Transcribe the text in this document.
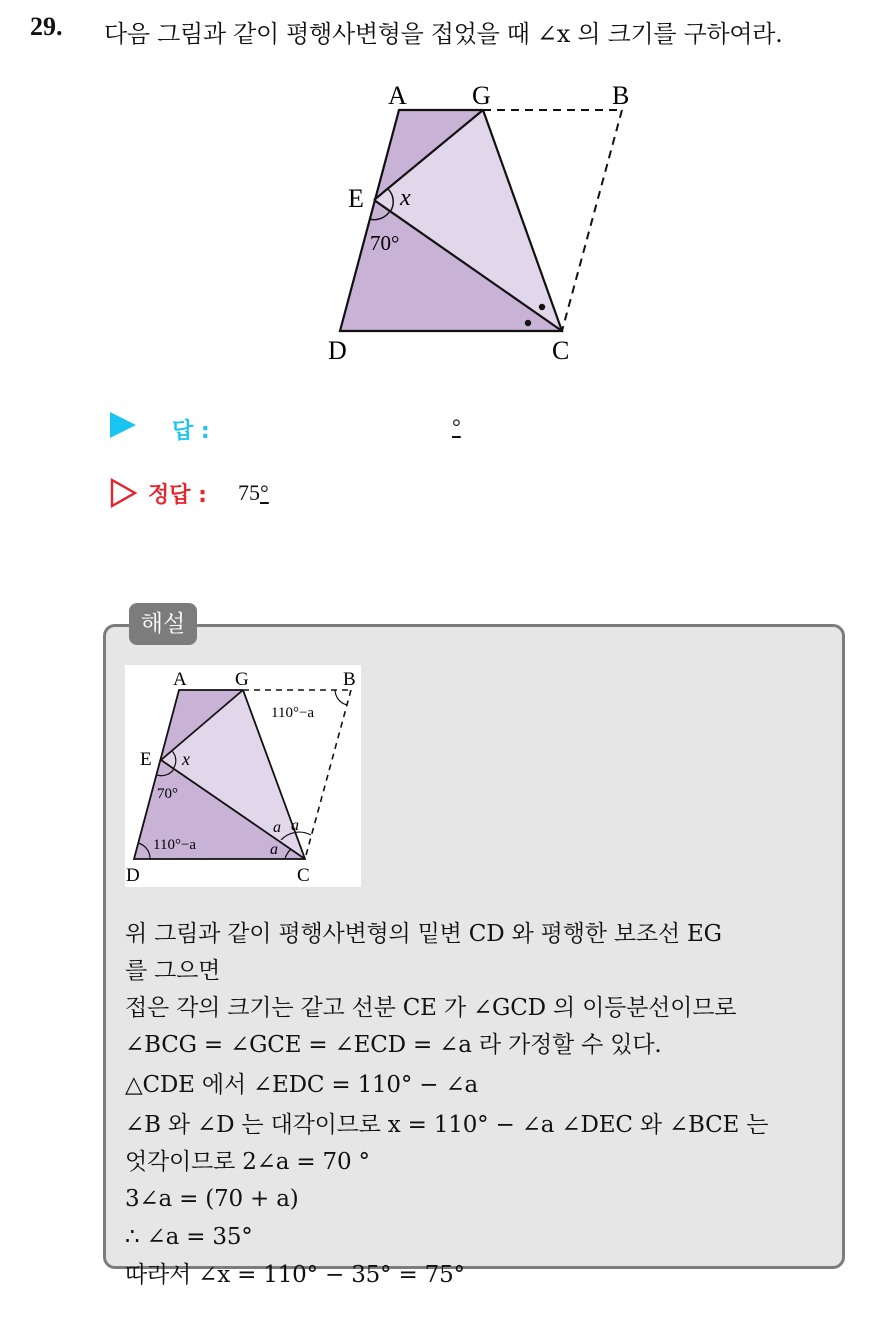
29. 다음 그림과 같이 평행사변형을 접었을 때 ∠x 의 크기를 구하여라.
A	G	B
E
D	C
x
70°
답 :	°
정답 : 75°
해설
A	G	B
E
D	C
x
70°
110°−a
110°−a
a a
a
위 그림과 같이 평행사변형의 밑변 CD 와 평행한 보조선 EG
를 그으면
접은 각의 크기는 같고 선분 CE 가 ∠GCD 의 이등분선이므로
∠BCG = ∠GCE = ∠ECD = ∠a 라 가정할 수 있다.
△CDE 에서 ∠EDC = 110° − ∠a
∠B 와 ∠D 는 대각이므로 x = 110° − ∠a ∠DEC 와 ∠BCE 는
엇각이므로 2∠a = 70 °
3∠a = (70 + a)
∴ ∠a = 35°
따라서 ∠x = 110° − 35° = 75°
